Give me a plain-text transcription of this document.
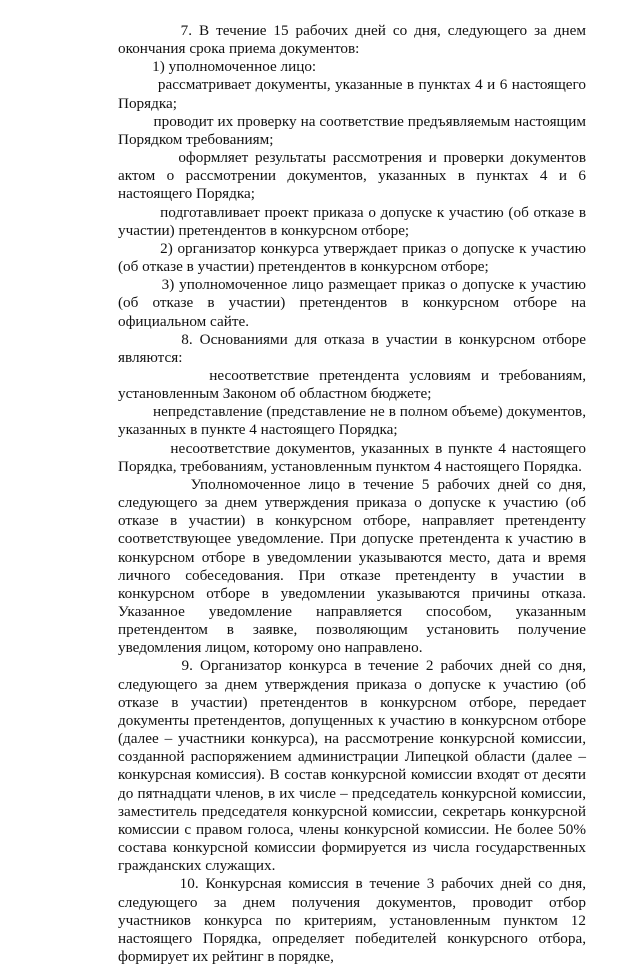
7. В течение 15 рабочих дней со дня, следующего за днем окончания срока приема документов:

1) уполномоченное лицо:

рассматривает документы, указанные в пунктах 4 и 6 настоящего Порядка;

проводит их проверку на соответствие предъявляемым настоящим Порядком требованиям;

оформляет результаты рассмотрения и проверки документов актом о рассмотрении документов, указанных в пунктах 4 и 6 настоящего Порядка;

подготавливает проект приказа о допуске к участию (об отказе в участии) претендентов в конкурсном отборе;

2) организатор конкурса утверждает приказ о допуске к участию (об отказе в участии) претендентов в конкурсном отборе;

3) уполномоченное лицо размещает приказ о допуске к участию (об отказе в участии) претендентов в конкурсном отборе на официальном сайте.

8. Основаниями для отказа в участии в конкурсном отборе являются:

несоответствие претендента условиям и требованиям, установленным Законом об областном бюджете;

непредставление (представление не в полном объеме) документов, указанных в пункте 4 настоящего Порядка;

несоответствие документов, указанных в пункте 4 настоящего Порядка, требованиям, установленным пунктом 4 настоящего Порядка.

Уполномоченное лицо в течение 5 рабочих дней со дня, следующего за днем утверждения приказа о допуске к участию (об отказе в участии) в конкурсном отборе, направляет претенденту соответствующее уведомление. При допуске претендента к участию в конкурсном отборе в уведомлении указываются место, дата и время личного собеседования. При отказе претенденту в участии в конкурсном отборе в уведомлении указываются причины отказа. Указанное уведомление направляется способом, указанным претендентом в заявке, позволяющим установить получение уведомления лицом, которому оно направлено.

9. Организатор конкурса в течение 2 рабочих дней со дня, следующего за днем утверждения приказа о допуске к участию (об отказе в участии) претендентов в конкурсном отборе, передает документы претендентов, допущенных к участию в конкурсном отборе (далее – участники конкурса), на рассмотрение конкурсной комиссии, созданной распоряжением администрации Липецкой области (далее – конкурсная комиссия). В состав конкурсной комиссии входят от десяти до пятнадцати членов, в их числе – председатель конкурсной комиссии, заместитель председателя конкурсной комиссии, секретарь конкурсной комиссии с правом голоса, члены конкурсной комиссии. Не более 50% состава конкурсной комиссии формируется из числа государственных гражданских служащих.

10. Конкурсная комиссия в течение 3 рабочих дней со дня, следующего за днем получения документов, проводит отбор участников конкурса по критериям, установленным пунктом 12 настоящего Порядка, определяет победителей конкурсного отбора, формирует их рейтинг в порядке,
